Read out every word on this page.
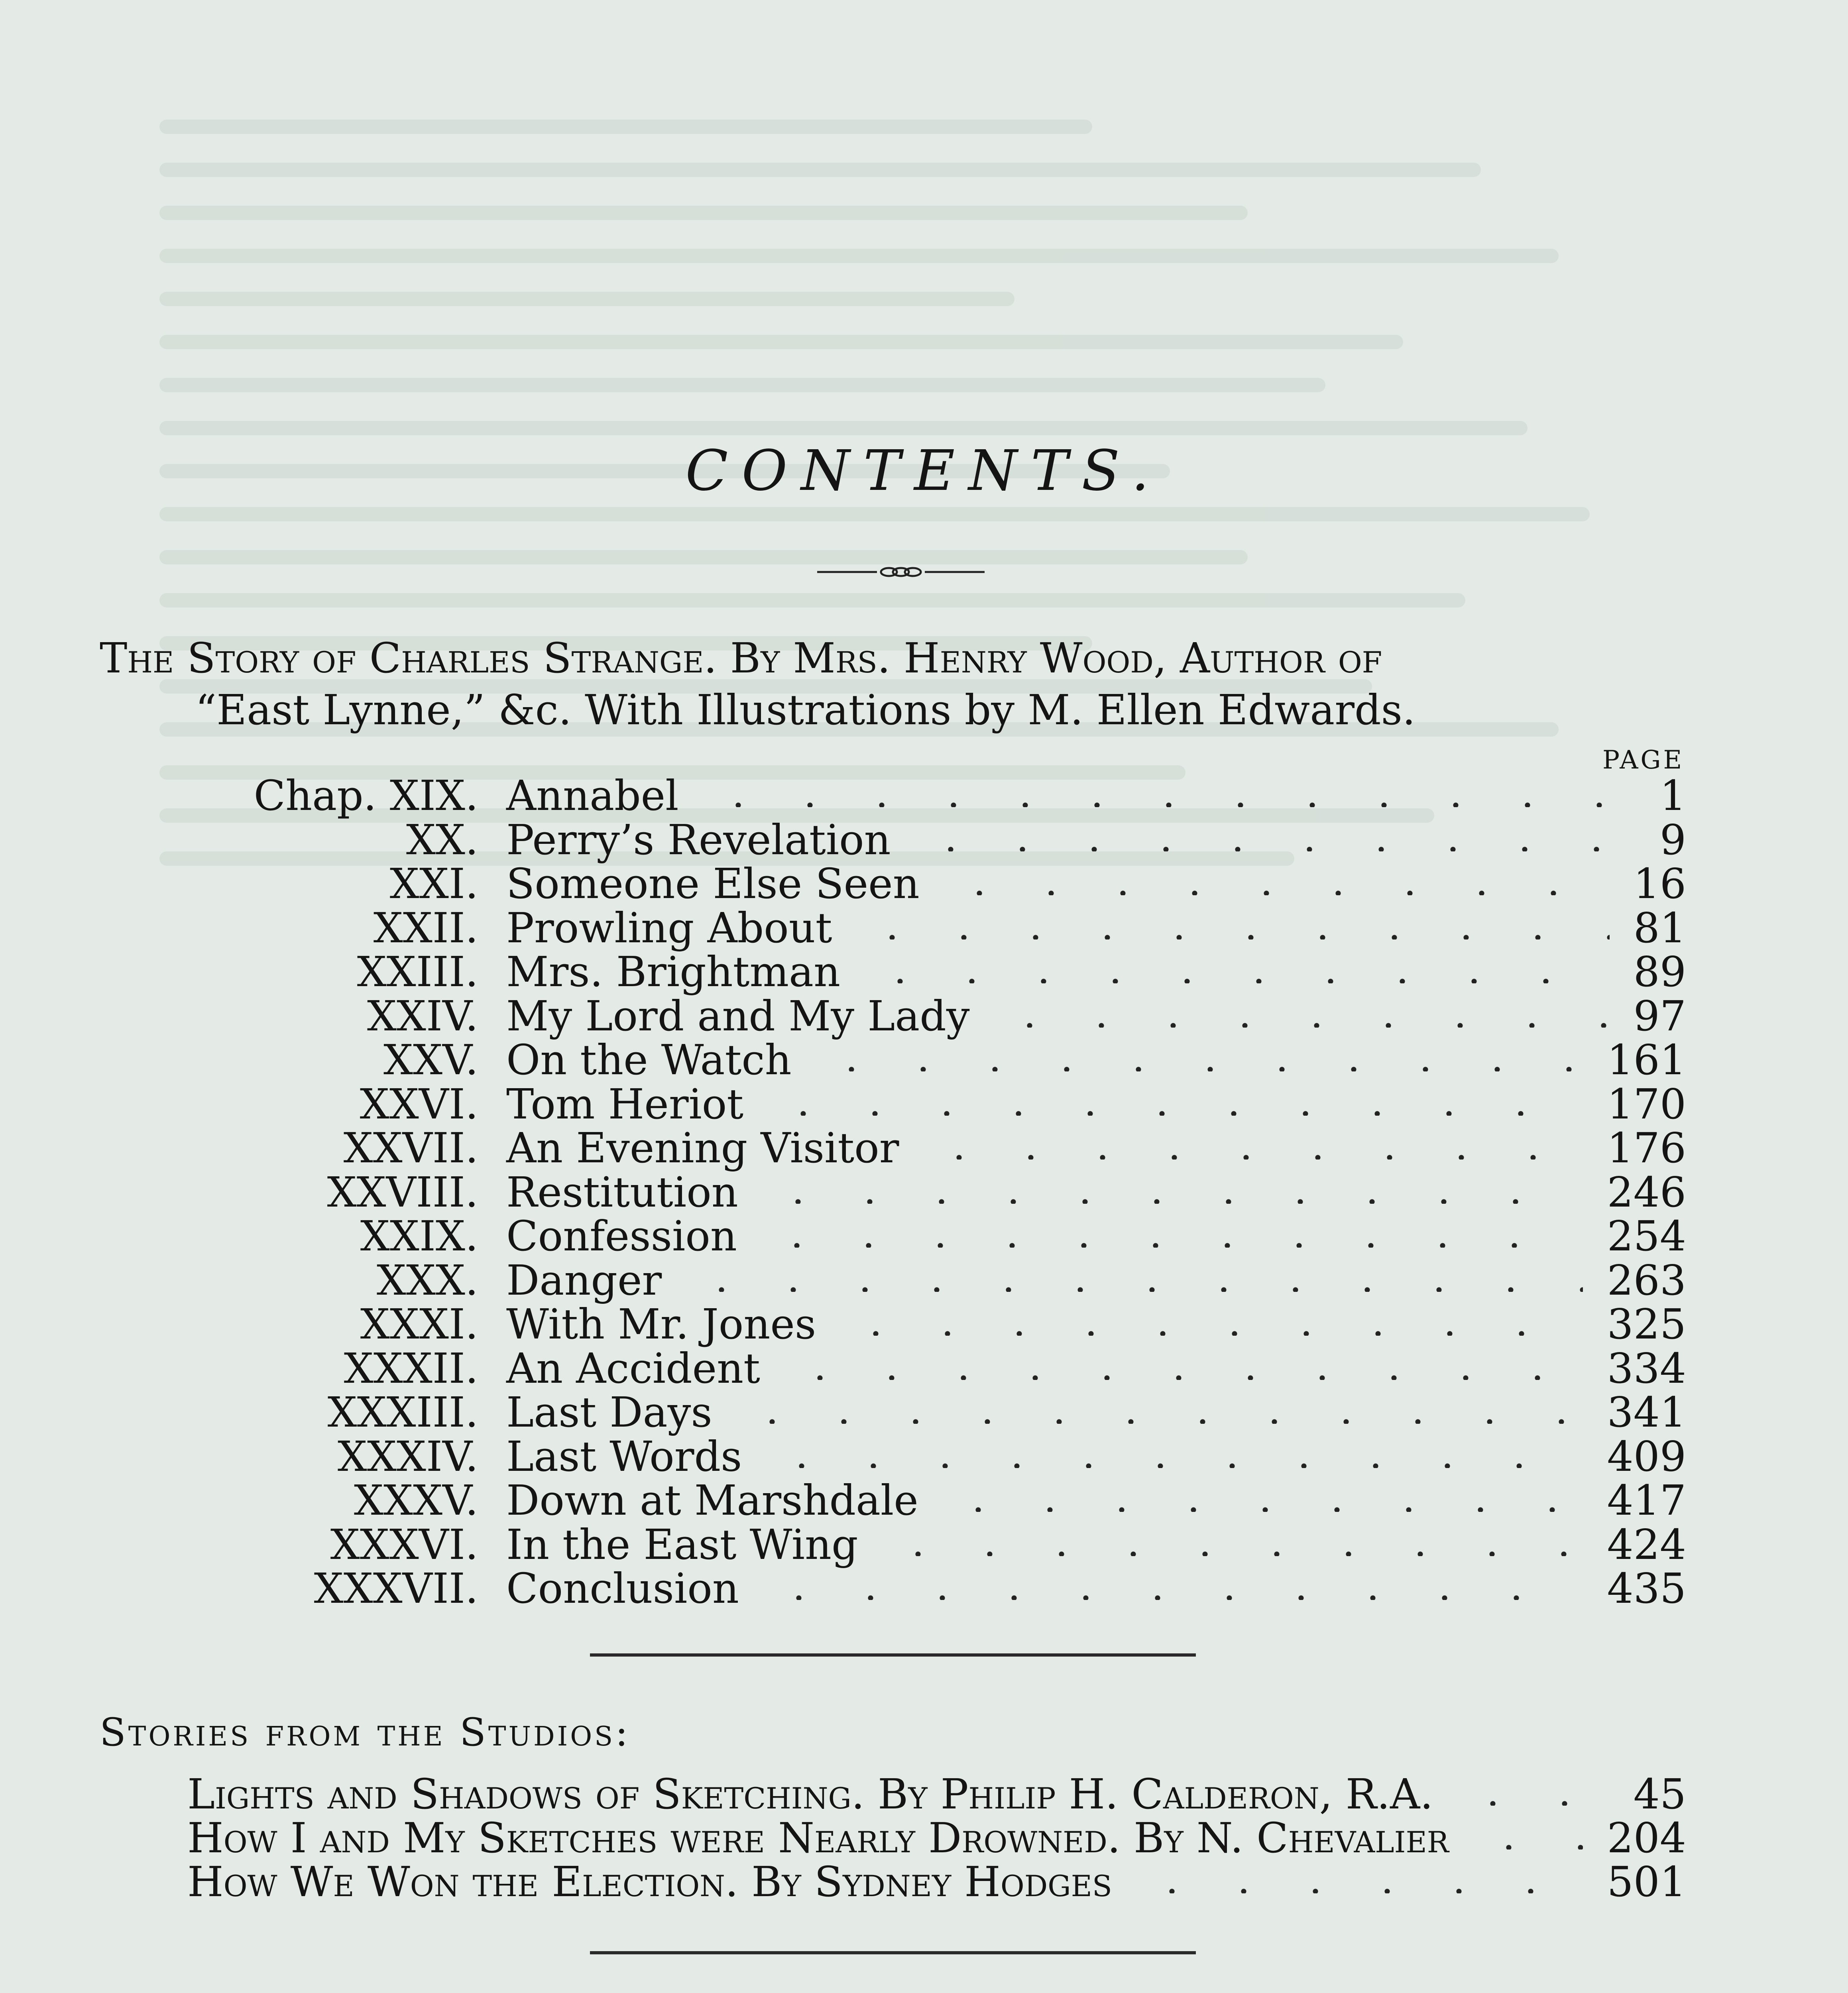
CONTENTS.
The Story of Charles Strange. By Mrs. Henry Wood, Author of
“East Lynne,” &c. With Illustrations by M. Ellen Edwards.
PAGE
Chap. XIX. Annabel	1
XX. Perry’s Revelation	9
XXI. Someone Else Seen	16
XXII. Prowling About	81
XXIII. Mrs. Brightman	89
XXIV. My Lord and My Lady	97
XXV. On the Watch	161
XXVI. Tom Heriot	170
XXVII. An Evening Visitor	176
XXVIII. Restitution	246
XXIX. Confession	254
XXX. Danger	263
XXXI. With Mr. Jones	325
XXXII. An Accident	334
XXXIII. Last Days	341
XXXIV. Last Words	409
XXXV. Down at Marshdale	417
XXXVI. In the East Wing	424
XXXVII. Conclusion	435
Stories from the Studios:
Lights and Shadows of Sketching. By Philip H. Calderon, R.A.	45
How I and My Sketches were Nearly Drowned. By N. Chevalier	204
How We Won the Election. By Sydney Hodges	501
